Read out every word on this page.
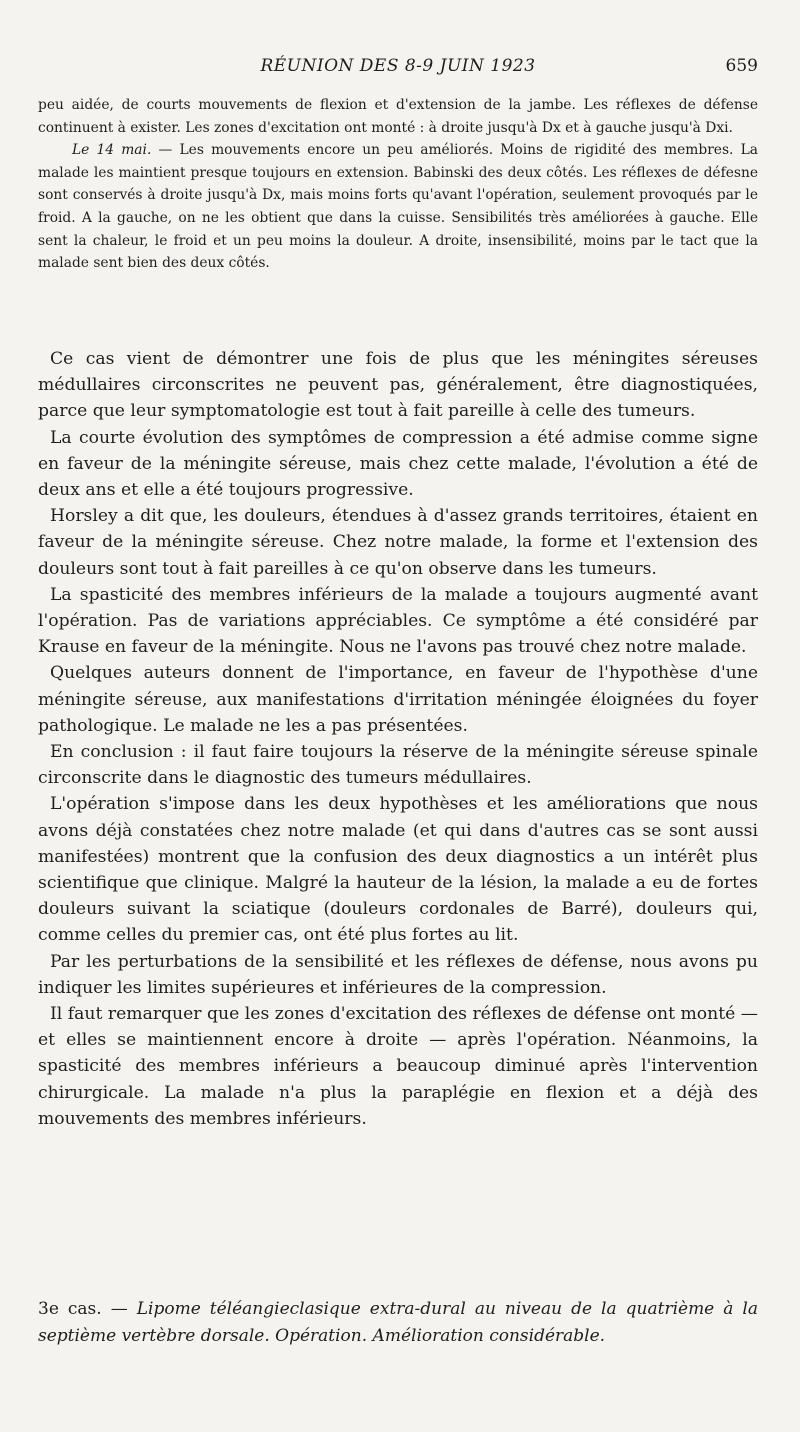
RÉUNION DES 8-9 JUIN 1923	659

peu aidée, de courts mouvements de flexion et d'extension de la jambe. Les réflexes de défense continuent à exister. Les zones d'excitation ont monté : à droite jusqu'à Dx et à gauche jusqu'à Dxi.

Le 14 mai. — Les mouvements encore un peu améliorés. Moins de rigidité des membres. La malade les maintient presque toujours en extension. Babinski des deux côtés. Les réflexes de défesne sont conservés à droite jusqu'à Dx, mais moins forts qu'avant l'opération, seulement provoqués par le froid. A la gauche, on ne les obtient que dans la cuisse. Sensibilités très améliorées à gauche. Elle sent la chaleur, le froid et un peu moins la douleur. A droite, insensibilité, moins par le tact que la malade sent bien des deux côtés.

Ce cas vient de démontrer une fois de plus que les méningites séreuses médullaires circonscrites ne peuvent pas, généralement, être diagnostiquées, parce que leur symptomatologie est tout à fait pareille à celle des tumeurs.

La courte évolution des symptômes de compression a été admise comme signe en faveur de la méningite séreuse, mais chez cette malade, l'évolution a été de deux ans et elle a été toujours progressive.

Horsley a dit que, les douleurs, étendues à d'assez grands territoires, étaient en faveur de la méningite séreuse. Chez notre malade, la forme et l'extension des douleurs sont tout à fait pareilles à ce qu'on observe dans les tumeurs.

La spasticité des membres inférieurs de la malade a toujours augmenté avant l'opération. Pas de variations appréciables. Ce symptôme a été considéré par Krause en faveur de la méningite. Nous ne l'avons pas trouvé chez notre malade.

Quelques auteurs donnent de l'importance, en faveur de l'hypothèse d'une méningite séreuse, aux manifestations d'irritation méningée éloignées du foyer pathologique. Le malade ne les a pas présentées.

En conclusion : il faut faire toujours la réserve de la méningite séreuse spinale circonscrite dans le diagnostic des tumeurs médullaires.

L'opération s'impose dans les deux hypothèses et les améliorations que nous avons déjà constatées chez notre malade (et qui dans d'autres cas se sont aussi manifestées) montrent que la confusion des deux diagnostics a un intérêt plus scientifique que clinique. Malgré la hauteur de la lésion, la malade a eu de fortes douleurs suivant la sciatique (douleurs cordonales de Barré), douleurs qui, comme celles du premier cas, ont été plus fortes au lit.

Par les perturbations de la sensibilité et les réflexes de défense, nous avons pu indiquer les limites supérieures et inférieures de la compression.

Il faut remarquer que les zones d'excitation des réflexes de défense ont monté — et elles se maintiennent encore à droite — après l'opération. Néanmoins, la spasticité des membres inférieurs a beaucoup diminué après l'intervention chirurgicale. La malade n'a plus la paraplégie en flexion et a déjà des mouvements des membres inférieurs.

3e cas. — Lipome téléangieclasique extra-dural au niveau de la quatrième à la septième vertèbre dorsale. Opération. Amélioration considérable.
